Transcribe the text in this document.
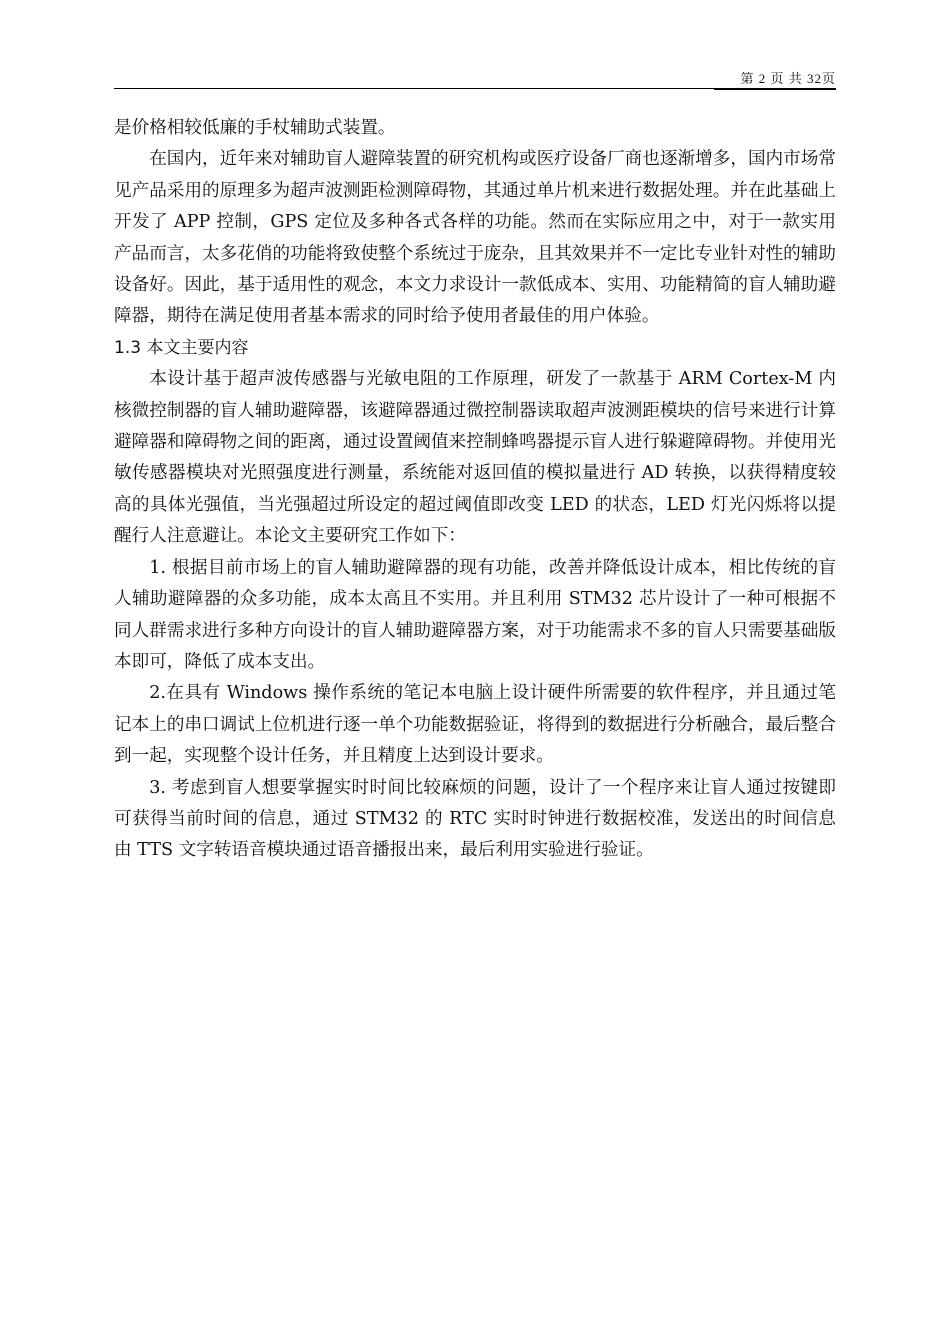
第 2 页 共 32页

是价格相较低廉的手杖辅助式装置。

在国内，近年来对辅助盲人避障装置的研究机构或医疗设备厂商也逐渐增多，国内市场常见产品采用的原理多为超声波测距检测障碍物，其通过单片机来进行数据处理。并在此基础上开发了 APP 控制，GPS 定位及多种各式各样的功能。然而在实际应用之中，对于一款实用产品而言，太多花俏的功能将致使整个系统过于庞杂，且其效果并不一定比专业针对性的辅助设备好。因此，基于适用性的观念，本文力求设计一款低成本、实用、功能精简的盲人辅助避障器，期待在满足使用者基本需求的同时给予使用者最佳的用户体验。

1.3 本文主要内容

本设计基于超声波传感器与光敏电阻的工作原理，研发了一款基于 ARM Cortex-M 内核微控制器的盲人辅助避障器，该避障器通过微控制器读取超声波测距模块的信号来进行计算避障器和障碍物之间的距离，通过设置阈值来控制蜂鸣器提示盲人进行躲避障碍物。并使用光敏传感器模块对光照强度进行测量，系统能对返回值的模拟量进行 AD 转换，以获得精度较高的具体光强值，当光强超过所设定的超过阈值即改变 LED 的状态，LED 灯光闪烁将以提醒行人注意避让。本论文主要研究工作如下：

1. 根据目前市场上的盲人辅助避障器的现有功能，改善并降低设计成本，相比传统的盲人辅助避障器的众多功能，成本太高且不实用。并且利用 STM32 芯片设计了一种可根据不同人群需求进行多种方向设计的盲人辅助避障器方案，对于功能需求不多的盲人只需要基础版本即可，降低了成本支出。

2.在具有 Windows 操作系统的笔记本电脑上设计硬件所需要的软件程序，并且通过笔记本上的串口调试上位机进行逐一单个功能数据验证，将得到的数据进行分析融合，最后整合到一起，实现整个设计任务，并且精度上达到设计要求。

3. 考虑到盲人想要掌握实时时间比较麻烦的问题，设计了一个程序来让盲人通过按键即可获得当前时间的信息，通过 STM32 的 RTC 实时时钟进行数据校准，发送出的时间信息由 TTS 文字转语音模块通过语音播报出来，最后利用实验进行验证。
